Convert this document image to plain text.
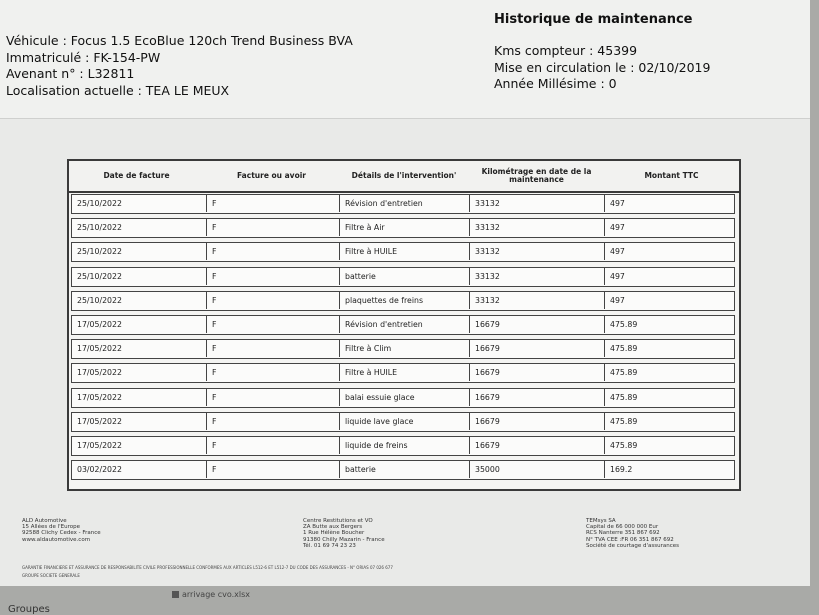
Véhicule : Focus 1.5 EcoBlue 120ch Trend Business BVA
Immatriculé : FK-154-PW
Avenant n° : L32811
Localisation actuelle : TEA LE MEUX
Historique de maintenance
Kms compteur : 45399
Mise en circulation le : 02/10/2019
Année Millésime : 0
Date de facture	Facture ou avoir	Détails de l'intervention'	Kilométrage en date de la maintenance	Montant TTC
25/10/2022	F	Révision d'entretien	33132	497
25/10/2022	F	Filtre à Air	33132	497
25/10/2022	F	Filtre à HUILE	33132	497
25/10/2022	F	batterie	33132	497
25/10/2022	F	plaquettes de freins	33132	497
17/05/2022	F	Révision d'entretien	16679	475.89
17/05/2022	F	Filtre à Clim	16679	475.89
17/05/2022	F	Filtre à HUILE	16679	475.89
17/05/2022	F	balai essuie glace	16679	475.89
17/05/2022	F	liquide lave glace	16679	475.89
17/05/2022	F	liquide de freins	16679	475.89
03/02/2022	F	batterie	35000	169.2
ALD Automotive
15 Allées de l'Europe
92588 Clichy Cedex - France
www.aldautomotive.com
Centre Restitutions et VO
ZA Butte aux Bergers
1 Rue Hélène Boucher
91380 Chilly Mazarin - France
Tél. 01 69 74 23 23
TEMsys SA
Capital de 66 000 000 Eur
RCS Nanterre 351 867 692
N° TVA CEE :FR 06 351 867 692
Société de courtage d'assurances
GARANTIE FINANCIERE ET ASSURANCE DE RESPONSABILITE CIVILE PROFESSIONNELLE CONFORMES AUX ARTICLES L512-6 ET L512-7 DU CODE DES ASSURANCES - N° ORIAS 07 026 677
GROUPE SOCIETE GENERALE
arrivage cvo.xlsx
Groupes
